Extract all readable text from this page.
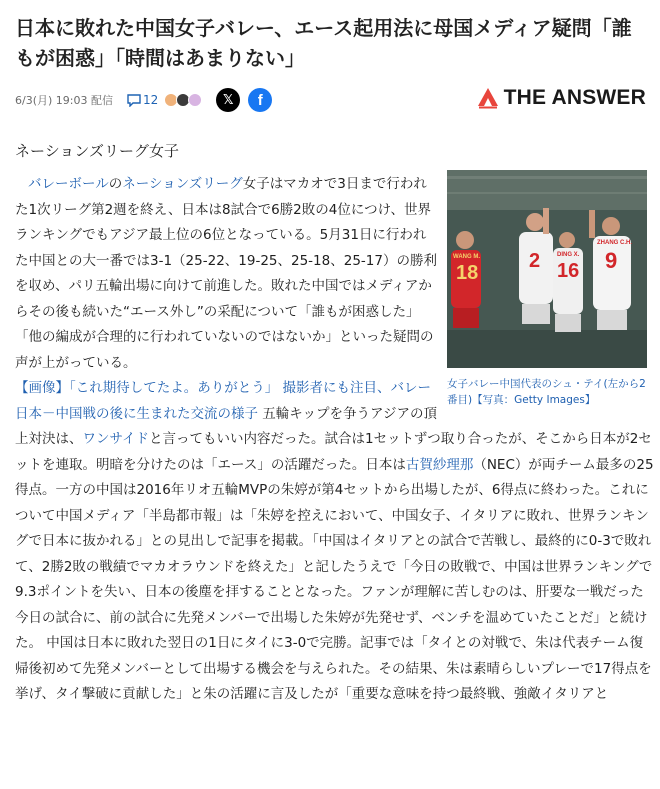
日本に敗れた中国女子バレー、エース起用法に母国メディア疑問「誰もが困惑」「時間はあまりない」
6/3(月) 19:03 配信	12	𝕏 f	THE ANSWER
ネーションズリーグ女子
WANG M.
18
2	DING X.
16
ZHANG C.H.
9
女子バレー中国代表のシュ・テイ(左から2番目)【写真：Getty Images】

バレーボールのネーションズリーグ女子はマカオで3日まで行われた1次リーグ第2週を終え、日本は8試合で6勝2敗の4位につけ、世界ランキングでもアジア最上位の6位となっている。5月31日に行われた中国との大一番では3-1（25-22、19-25、25-18、25-17）の勝利を収め、パリ五輪出場に向けて前進した。敗れた中国ではメディアからその後も続いた“エース外し”の采配について「誰もが困惑した」「他の編成が合理的に行われていないのではないか」といった疑問の声が上がっている。

【画像】「これ期待してたよ。ありがとう」 撮影者にも注目、バレー日本－中国戦の後に生まれた交流の様子 五輪キップを争うアジアの頂上対決は、ワンサイドと言ってもいい内容だった。試合は1セットずつ取り合ったが、そこから日本が2セットを連取。明暗を分けたのは「エース」の活躍だった。日本は古賀紗理那（NEC）が両チーム最多の25得点。一方の中国は2016年リオ五輪MVPの朱婷が第4セットから出場したが、6得点に終わった。これについて中国メディア「半島都市報」は「朱婷を控えにおいて、中国女子、イタリアに敗れ、世界ランキングで日本に抜かれる」との見出しで記事を掲載。「中国はイタリアとの試合で苦戦し、最終的に0-3で敗れて、2勝2敗の戦績でマカオラウンドを終えた」と記したうえで「今日の敗戦で、中国は世界ランキングで9.3ポイントを失い、日本の後塵を拝することとなった。ファンが理解に苦しむのは、肝要な一戦だった今日の試合に、前の試合に先発メンバーで出場した朱婷が先発せず、ベンチを温めていたことだ」と続けた。 中国は日本に敗れた翌日の1日にタイに3-0で完勝。記事では「タイとの対戦で、朱は代表チーム復帰後初めて先発メンバーとして出場する機会を与えられた。その結果、朱は素晴らしいプレーで17得点を挙げ、タイ撃破に貢献した」と朱の活躍に言及したが「重要な意味を持つ最終戦、強敵イタリアと
